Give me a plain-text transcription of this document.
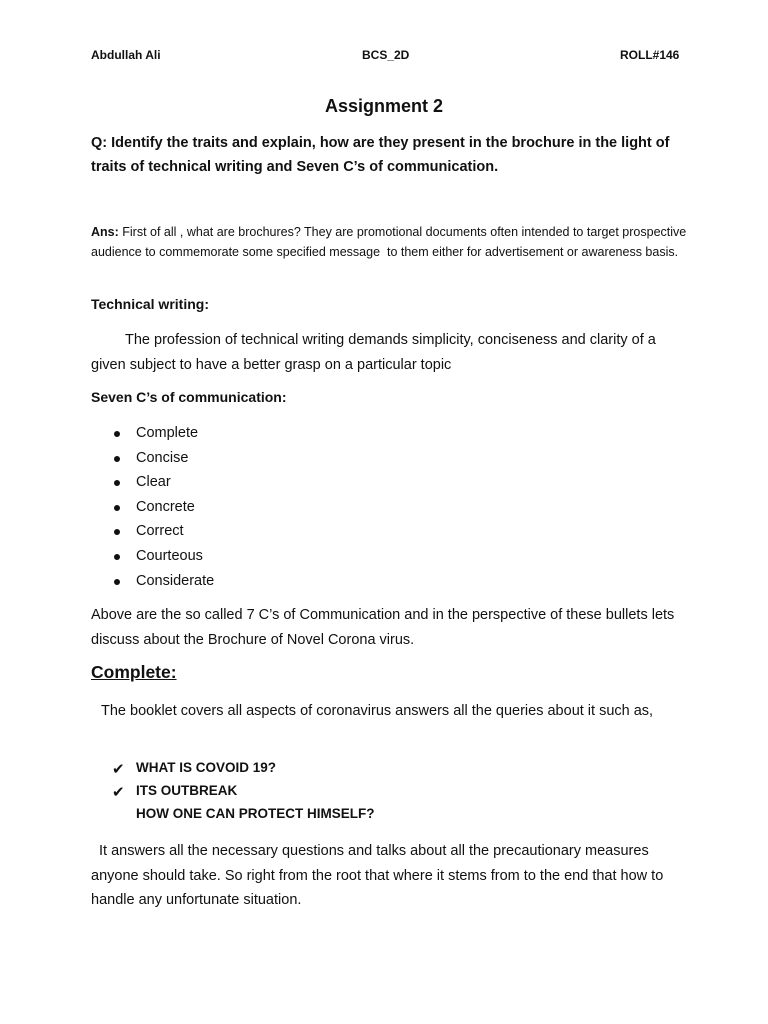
Abdullah Ali	BCS_2D	ROLL#146
Assignment 2
Q: Identify the traits and explain, how are they present in the brochure in the light of   traits of technical writing and Seven C’s of communication.
Ans: First of all , what are brochures? They are promotional documents often intended to target prospective audience to commemorate some specified message  to them either for advertisement or awareness basis.
Technical writing:
The profession of technical writing demands simplicity, conciseness and clarity of a given subject to have a better grasp on a particular topic
Seven C’s of communication:
Complete
Concise
Clear
Concrete
Correct
Courteous
Considerate
Above are the so called 7 C’s of Communication and in the perspective of these bullets lets discuss about the Brochure of Novel Corona virus.
Complete:
The booklet covers all aspects of coronavirus answers all the queries about it such as,
✔ WHAT IS COVOID 19?
✔ ITS OUTBREAK
HOW ONE CAN PROTECT HIMSELF?
It answers all the necessary questions and talks about all the precautionary measures anyone should take. So right from the root that where it stems from to the end that how to handle any unfortunate situation.
